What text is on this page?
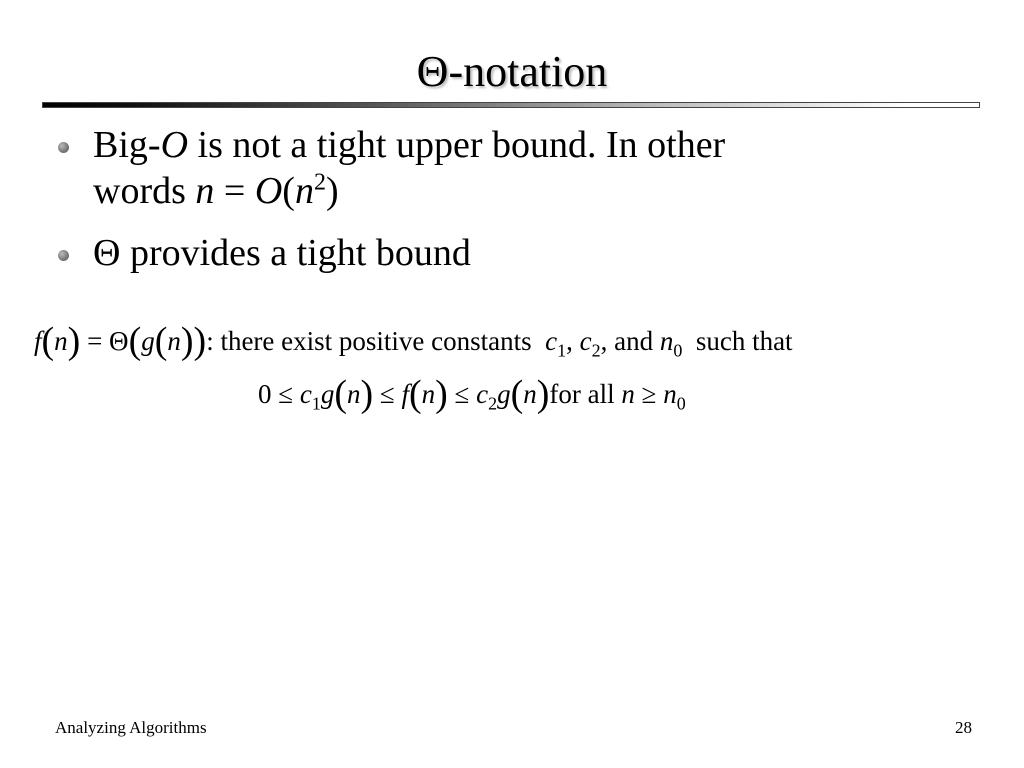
Θ-notation
Big-O is not a tight upper bound. In other
words $n = O(n^2)$
Θ provides a tight bound
f(n) = Θ(g(n)): there exist positive constants $c_1$, $c_2$, and $n_0$ such that
$0 \le c_1g(n) \le f(n) \le c_2g(n)for$ all $n \ge n_0$
Analyzing Algorithms	28
